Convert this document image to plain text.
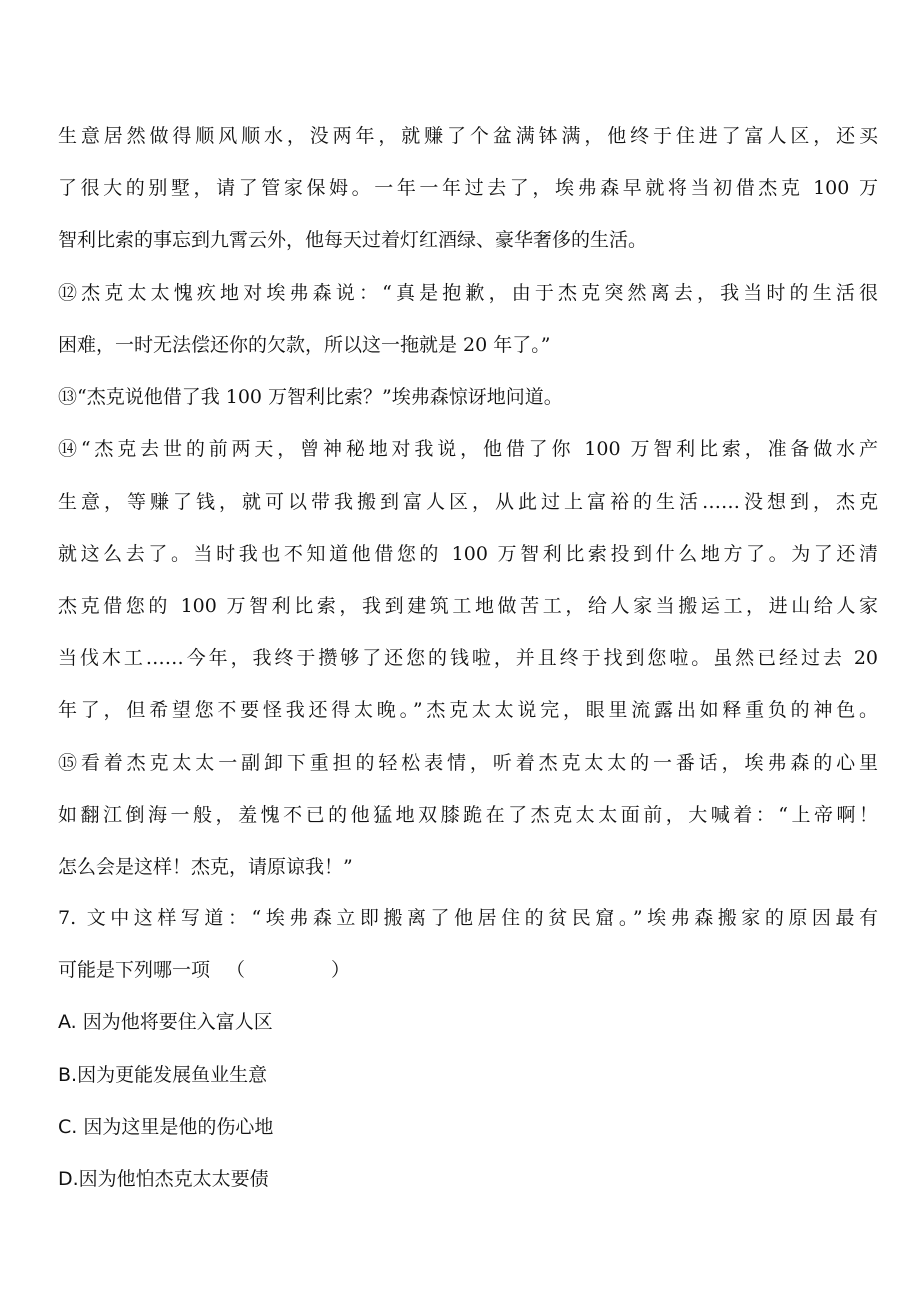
生意居然做得顺风顺水，没两年，就赚了个盆满钵满，他终于住进了富人区，还买
了很大的别墅，请了管家保姆。一年一年过去了，埃弗森早就将当初借杰克 100 万
智利比索的事忘到九霄云外，他每天过着灯红酒绿、豪华奢侈的生活。
⑫杰克太太愧疚地对埃弗森说：“真是抱歉，由于杰克突然离去，我当时的生活很
困难，一时无法偿还你的欠款，所以这一拖就是 20 年了。”
⑬“杰克说他借了我 100 万智利比索？”埃弗森惊讶地问道。
⑭“杰克去世的前两天，曾神秘地对我说，他借了你 100 万智利比索，准备做水产
生意，等赚了钱，就可以带我搬到富人区，从此过上富裕的生活……没想到，杰克
就这么去了。当时我也不知道他借您的 100 万智利比索投到什么地方了。为了还清
杰克借您的 100 万智利比索，我到建筑工地做苦工，给人家当搬运工，进山给人家
当伐木工……今年，我终于攒够了还您的钱啦，并且终于找到您啦。虽然已经过去 20
年了，但希望您不要怪我还得太晚。”杰克太太说完，眼里流露出如释重负的神色。
⑮看着杰克太太一副卸下重担的轻松表情，听着杰克太太的一番话，埃弗森的心里
如翻江倒海一般，羞愧不已的他猛地双膝跪在了杰克太太面前，大喊着：“上帝啊！
怎么会是这样！杰克，请原谅我！”
7. 文中这样写道：“埃弗森立即搬离了他居住的贫民窟。”埃弗森搬家的原因最有
可能是下列哪一项 （	）
A. 因为他将要住入富人区
B.因为更能发展鱼业生意
C. 因为这里是他的伤心地
D.因为他怕杰克太太要债
